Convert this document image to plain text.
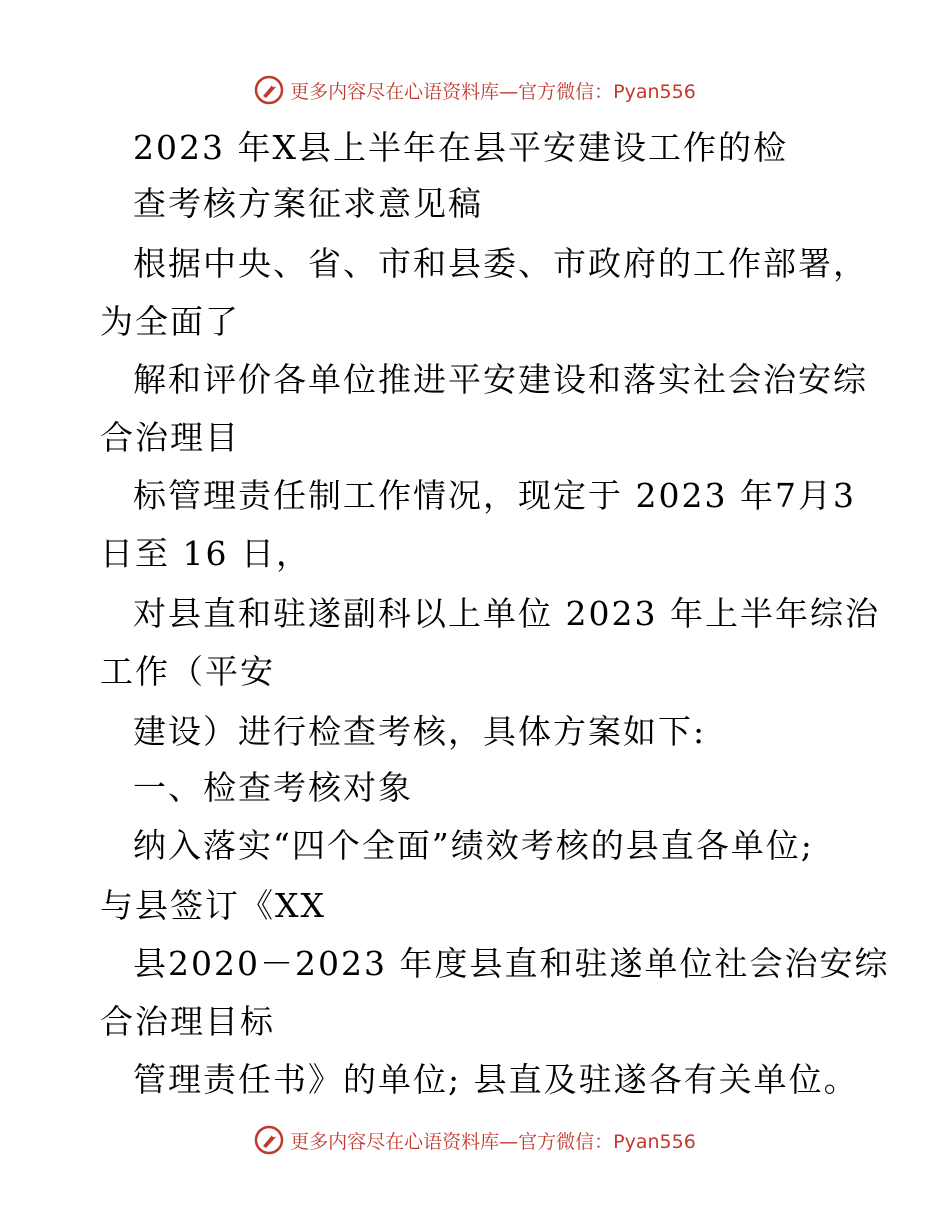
更多内容尽在心语资料库—官方微信：Pyan556
2023 年X县上半年在县平安建设工作的检
查考核方案征求意见稿
根据中央、省、市和县委、市政府的工作部署，
为全面了
解和评价各单位推进平安建设和落实社会治安综
合治理目
标管理责任制工作情况，现定于 2023 年7月3
日至 16 日，
对县直和驻遂副科以上单位 2023 年上半年综治
工作（平安
建设）进行检查考核，具体方案如下:
一、检查考核对象
纳入落实“四个全面”绩效考核的县直各单位;
与县签订《XX
县2020－2023 年度县直和驻遂单位社会治安综
合治理目标
管理责任书》的单位; 县直及驻遂各有关单位。
更多内容尽在心语资料库—官方微信：Pyan556
